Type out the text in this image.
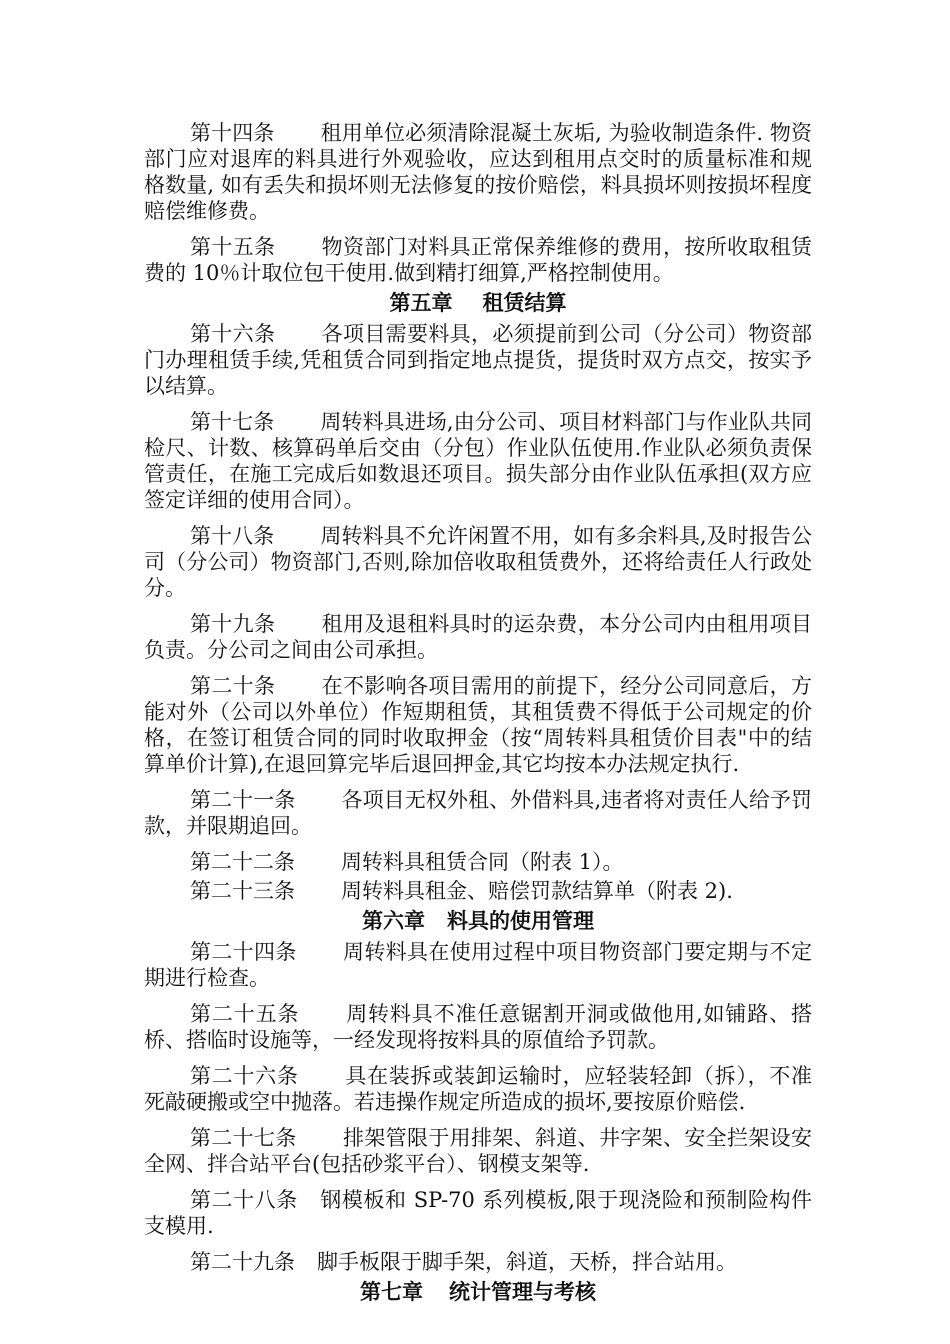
第十四条 租用单位必须清除混凝土灰垢, 为验收制造条件. 物资部门应对退库的料具进行外观验收，应达到租用点交时的质量标准和规格数量, 如有丢失和损坏则无法修复的按价赔偿，料具损坏则按损坏程度赔偿维修费。

第十五条 物资部门对料具正常保养维修的费用，按所收取租赁费的 10％计取位包干使用.做到精打细算,严格控制使用。

第五章 租赁结算

第十六条 各项目需要料具，必须提前到公司（分公司）物资部门办理租赁手续,凭租赁合同到指定地点提货，提货时双方点交，按实予以结算。

第十七条 周转料具进场,由分公司、项目材料部门与作业队共同检尺、计数、核算码单后交由（分包）作业队伍使用.作业队必须负责保管责任，在施工完成后如数退还项目。损失部分由作业队伍承担(双方应签定详细的使用合同）。

第十八条 周转料具不允许闲置不用，如有多余料具,及时报告公司（分公司）物资部门,否则,除加倍收取租赁费外，还将给责任人行政处分。

第十九条 租用及退租料具时的运杂费，本分公司内由租用项目负责。分公司之间由公司承担。

第二十条 在不影响各项目需用的前提下，经分公司同意后，方能对外（公司以外单位）作短期租赁，其租赁费不得低于公司规定的价格，在签订租赁合同的同时收取押金（按“周转料具租赁价目表"中的结算单价计算),在退回算完毕后退回押金,其它均按本办法规定执行.

第二十一条 各项目无权外租、外借料具,违者将对责任人给予罚款，并限期追回。

第二十二条 周转料具租赁合同（附表 1）。

第二十三条 周转料具租金、赔偿罚款结算单（附表 2).

第六章 料具的使用管理

第二十四条 周转料具在使用过程中项目物资部门要定期与不定期进行检查。

第二十五条 周转料具不准任意锯割开洞或做他用,如铺路、搭桥、搭临时设施等，一经发现将按料具的原值给予罚款。

第二十六条 具在装拆或装卸运输时，应轻装轻卸（拆），不准死敲硬搬或空中抛落。若违操作规定所造成的损坏,要按原价赔偿.

第二十七条 排架管限于用排架、斜道、井字架、安全拦架设安全网、拌合站平台(包括砂浆平台）、钢模支架等.

第二十八条 钢模板和 SP-70 系列模板,限于现浇险和预制险构件支模用.

第二十九条 脚手板限于脚手架，斜道，天桥，拌合站用。

第七章 统计管理与考核
